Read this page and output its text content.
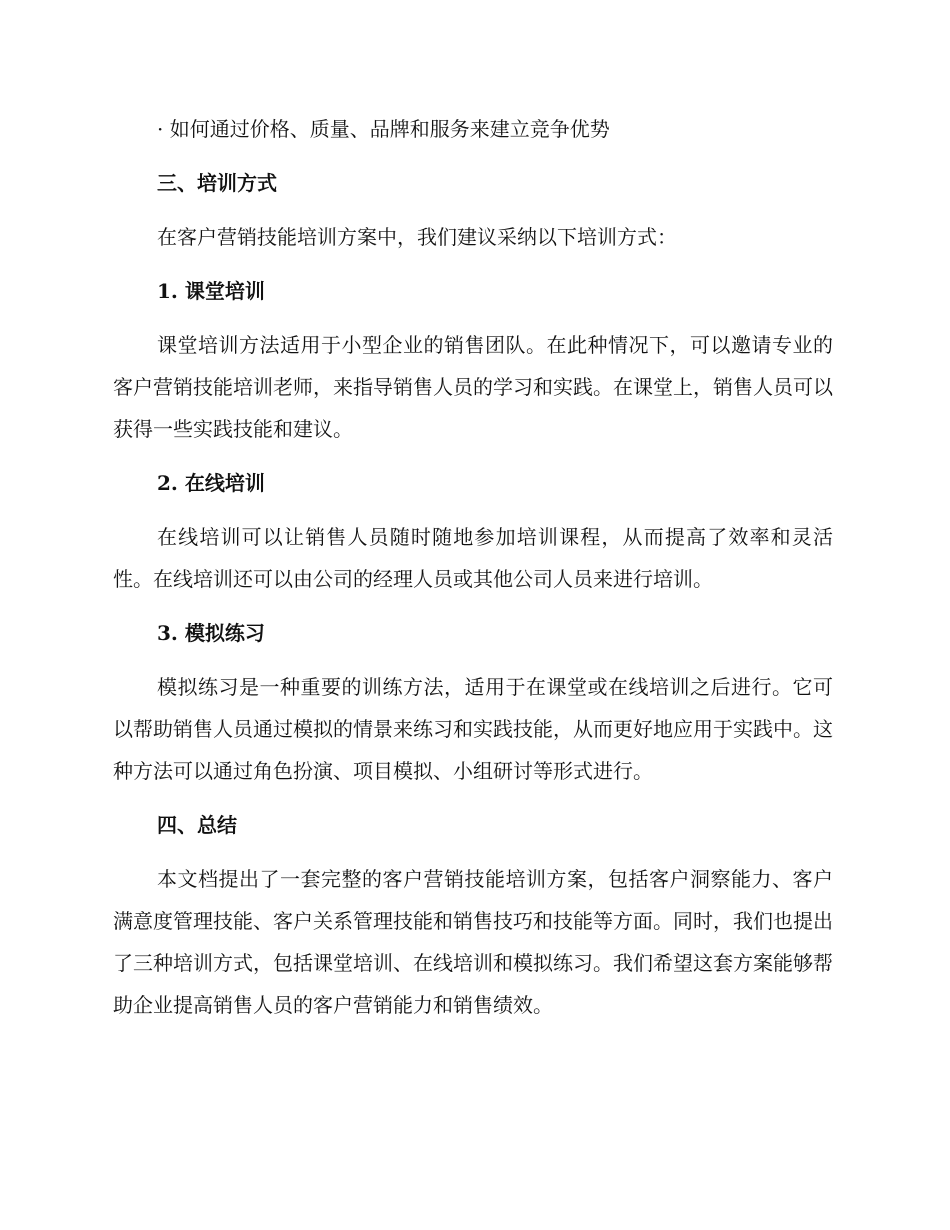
· 如何通过价格、质量、品牌和服务来建立竞争优势

三、培训方式

在客户营销技能培训方案中，我们建议采纳以下培训方式：

1. 课堂培训

课堂培训方法适用于小型企业的销售团队。在此种情况下，可以邀请专业的客户营销技能培训老师，来指导销售人员的学习和实践。在课堂上，销售人员可以获得一些实践技能和建议。

2. 在线培训

在线培训可以让销售人员随时随地参加培训课程，从而提高了效率和灵活性。在线培训还可以由公司的经理人员或其他公司人员来进行培训。

3. 模拟练习

模拟练习是一种重要的训练方法，适用于在课堂或在线培训之后进行。它可以帮助销售人员通过模拟的情景来练习和实践技能，从而更好地应用于实践中。这种方法可以通过角色扮演、项目模拟、小组研讨等形式进行。

四、总结

本文档提出了一套完整的客户营销技能培训方案，包括客户洞察能力、客户满意度管理技能、客户关系管理技能和销售技巧和技能等方面。同时，我们也提出了三种培训方式，包括课堂培训、在线培训和模拟练习。我们希望这套方案能够帮助企业提高销售人员的客户营销能力和销售绩效。
